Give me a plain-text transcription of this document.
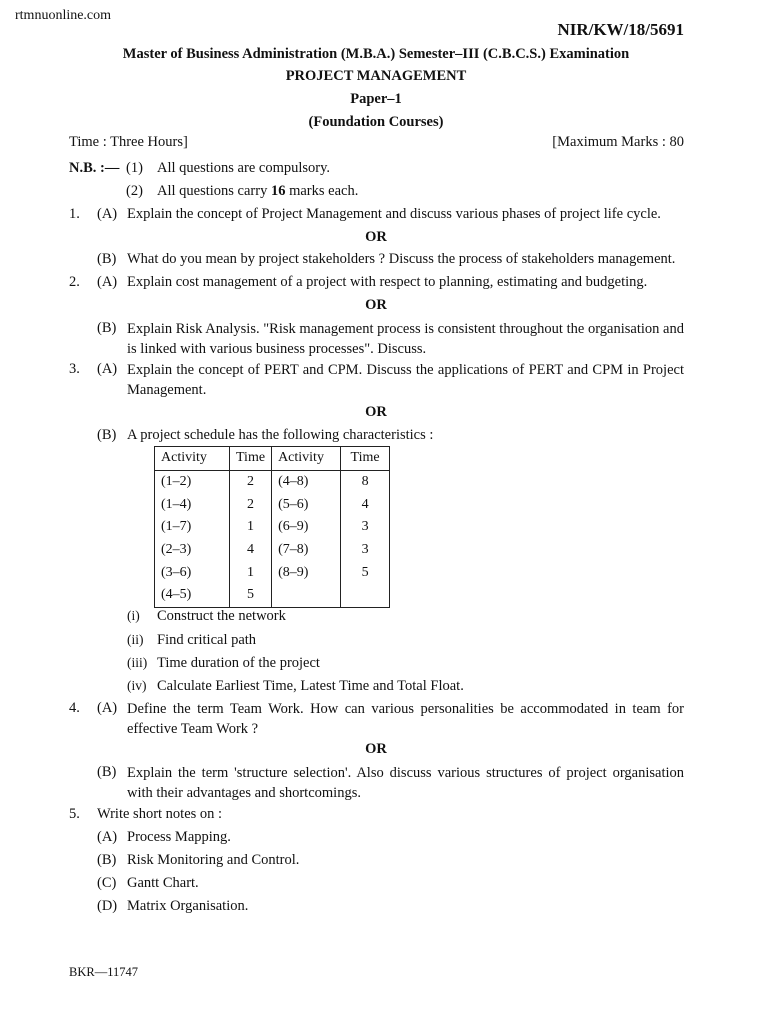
rtmnuonline.com
NIR/KW/18/5691
Master of Business Administration (M.B.A.) Semester–III (C.B.C.S.) Examination
PROJECT MANAGEMENT
Paper–1
(Foundation Courses)
Time : Three Hours]	[Maximum Marks : 80
N.B. :— (1) All questions are compulsory.
(2) All questions carry 16 marks each.
1. (A) Explain the concept of Project Management and discuss various phases of project life cycle.
OR
(B) What do you mean by project stakeholders ? Discuss the process of stakeholders management.
2. (A) Explain cost management of a project with respect to planning, estimating and budgeting.
OR
(B) Explain Risk Analysis. "Risk management process is consistent throughout the organisation and is linked with various business processes". Discuss.
3. (A) Explain the concept of PERT and CPM. Discuss the applications of PERT and CPM in Project Management.
OR
(B) A project schedule has the following characteristics :
Activity	Time	Activity	Time
(1–2)	2	(4–8)	8
(1–4)	2	(5–6)	4
(1–7)	1	(6–9)	3
(2–3)	4	(7–8)	3
(3–6)	1	(8–9)	5
(4–5)	5		
(i) Construct the network
(ii) Find critical path
(iii) Time duration of the project
(iv) Calculate Earliest Time, Latest Time and Total Float.
4. (A) Define the term Team Work. How can various personalities be accommodated in team for effective Team Work ?
OR
(B) Explain the term 'structure selection'. Also discuss various structures of project organisation with their advantages and shortcomings.
5. Write short notes on :
(A) Process Mapping.
(B) Risk Monitoring and Control.
(C) Gantt Chart.
(D) Matrix Organisation.
BKR—11747
